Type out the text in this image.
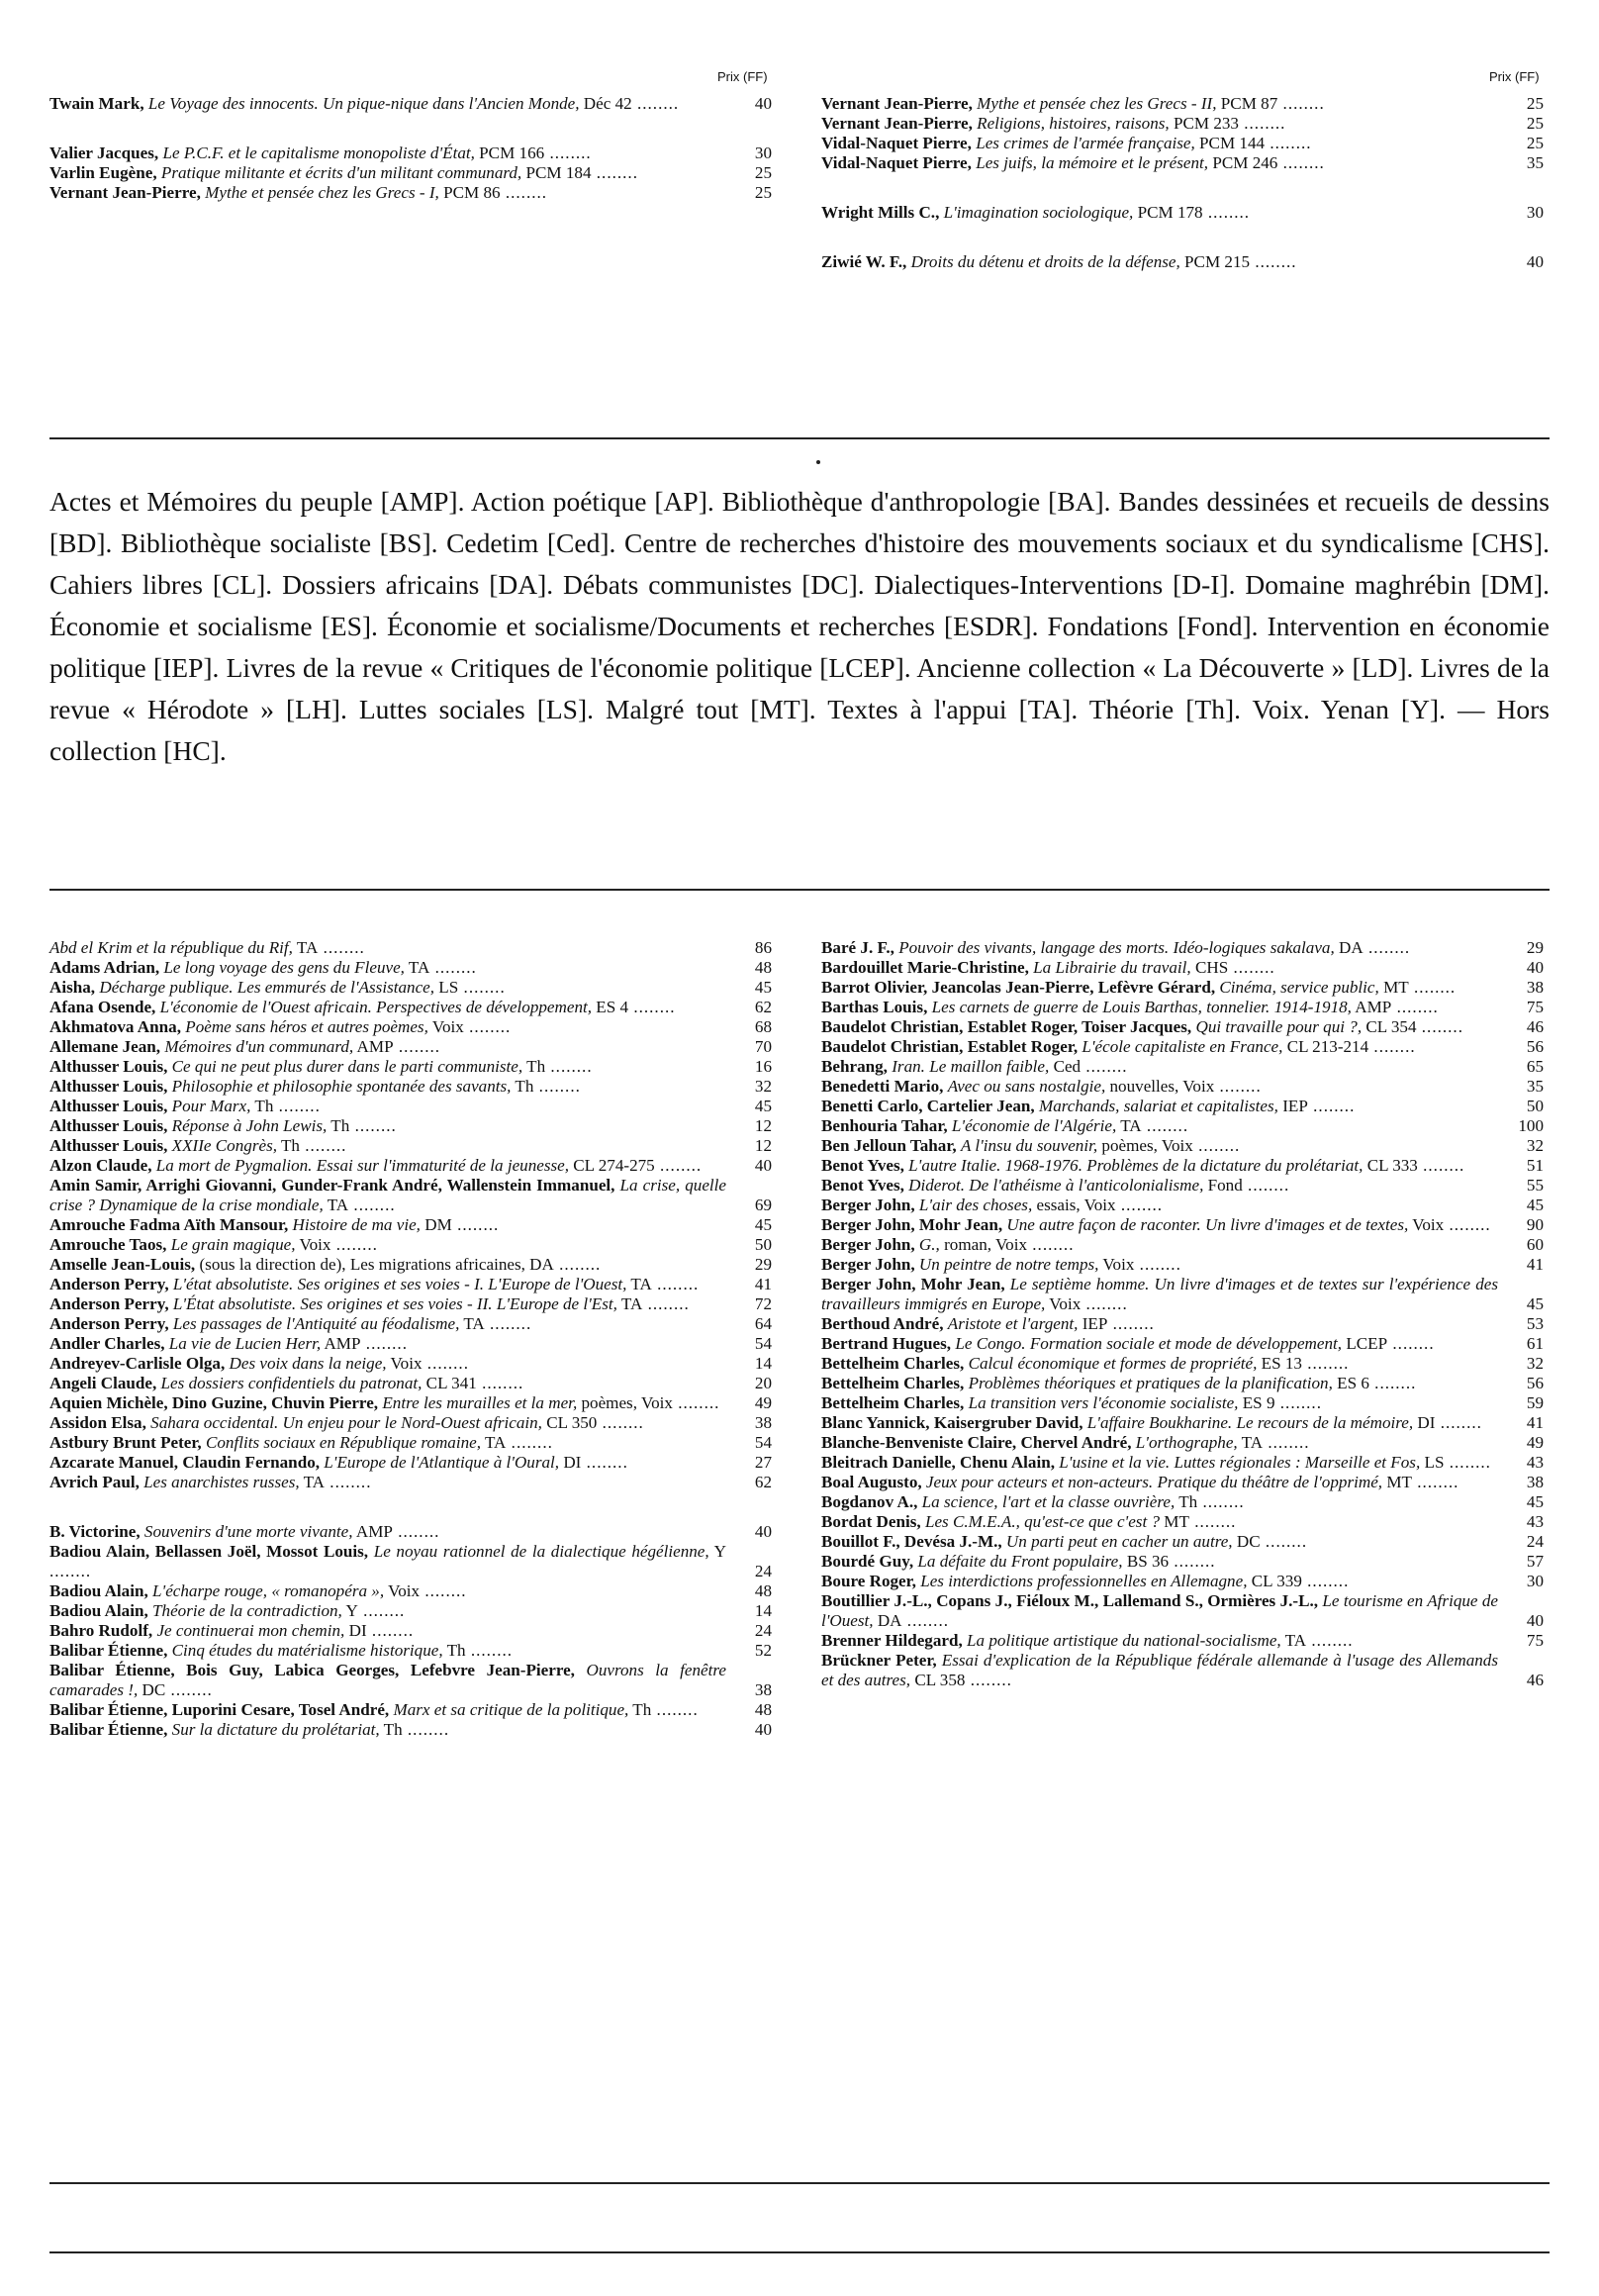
Prix (FF)	Prix (FF)
Twain Mark, Le Voyage des innocents. Un pique-nique dans l'Ancien Monde, Déc 42 ........	40
Valier Jacques, Le P.C.F. et le capitalisme monopoliste d'État, PCM 166 ........	30
Varlin Eugène, Pratique militante et écrits d'un militant communard, PCM 184 ........	25
Vernant Jean-Pierre, Mythe et pensée chez les Grecs - I, PCM 86 ........	25
Vernant Jean-Pierre, Mythe et pensée chez les Grecs - II, PCM 87 ........	25
Vernant Jean-Pierre, Religions, histoires, raisons, PCM 233 ........	25
Vidal-Naquet Pierre, Les crimes de l'armée française, PCM 144 ........	25
Vidal-Naquet Pierre, Les juifs, la mémoire et le présent, PCM 246 ........	35
Wright Mills C., L'imagination sociologique, PCM 178 ........	30
Ziwié W. F., Droits du détenu et droits de la défense, PCM 215 ........	40
Actes et Mémoires du peuple [AMP]. Action poétique [AP]. Bibliothèque d'anthropologie [BA]. Bandes dessinées et recueils de dessins [BD]. Bibliothèque socialiste [BS]. Cedetim [Ced]. Centre de recherches d'histoire des mouvements sociaux et du syndicalisme [CHS]. Cahiers libres [CL]. Dossiers africains [DA]. Débats communistes [DC]. Dialectiques-Interventions [D-I]. Domaine maghrébin [DM]. Économie et socialisme [ES]. Économie et socialisme/Documents et recherches [ESDR]. Fondations [Fond]. Intervention en économie politique [IEP]. Livres de la revue « Critiques de l'économie politique [LCEP]. Ancienne collection « La Découverte » [LD]. Livres de la revue « Hérodote » [LH]. Luttes sociales [LS]. Malgré tout [MT]. Textes à l'appui [TA]. Théorie [Th]. Voix. Yenan [Y]. — Hors collection [HC].
Abd el Krim et la république du Rif, TA ........	86
Adams Adrian, Le long voyage des gens du Fleuve, TA ........	48
Aisha, Décharge publique. Les emmurés de l'Assistance, LS ........	45
Afana Osende, L'économie de l'Ouest africain. Perspectives de développement, ES 4 ........	62
Akhmatova Anna, Poème sans héros et autres poèmes, Voix ........	68
Allemane Jean, Mémoires d'un communard, AMP ........	70
Althusser Louis, Ce qui ne peut plus durer dans le parti communiste, Th ........	16
Althusser Louis, Philosophie et philosophie spontanée des savants, Th ........	32
Althusser Louis, Pour Marx, Th ........	45
Althusser Louis, Réponse à John Lewis, Th ........	12
Althusser Louis, XXIIe Congrès, Th ........	12
Alzon Claude, La mort de Pygmalion. Essai sur l'immaturité de la jeunesse, CL 274-275 ........	40
Amin Samir, Arrighi Giovanni, Gunder-Frank André, Wallenstein Immanuel, La crise, quelle crise ? Dynamique de la crise mondiale, TA ........	69
Amrouche Fadma Aïth Mansour, Histoire de ma vie, DM ........	45
Amrouche Taos, Le grain magique, Voix ........	50
Amselle Jean-Louis, (sous la direction de), Les migrations africaines, DA ........	29
Anderson Perry, L'état absolutiste. Ses origines et ses voies - I. L'Europe de l'Ouest, TA ........	41
Anderson Perry, L'État absolutiste. Ses origines et ses voies - II. L'Europe de l'Est, TA ........	72
Anderson Perry, Les passages de l'Antiquité au féodalisme, TA ........	64
Andler Charles, La vie de Lucien Herr, AMP ........	54
Andreyev-Carlisle Olga, Des voix dans la neige, Voix ........	14
Angeli Claude, Les dossiers confidentiels du patronat, CL 341 ........	20
Aquien Michèle, Dino Guzine, Chuvin Pierre, Entre les murailles et la mer, poèmes, Voix ........	49
Assidon Elsa, Sahara occidental. Un enjeu pour le Nord-Ouest africain, CL 350 ........	38
Astbury Brunt Peter, Conflits sociaux en République romaine, TA ........	54
Azcarate Manuel, Claudin Fernando, L'Europe de l'Atlantique à l'Oural, DI ........	27
Avrich Paul, Les anarchistes russes, TA ........	62
B. Victorine, Souvenirs d'une morte vivante, AMP ........	40
Badiou Alain, Bellassen Joël, Mossot Louis, Le noyau rationnel de la dialectique hégélienne, Y ........	24
Badiou Alain, L'écharpe rouge, « romanopéra », Voix ........	48
Badiou Alain, Théorie de la contradiction, Y ........	14
Bahro Rudolf, Je continuerai mon chemin, DI ........	24
Balibar Étienne, Cinq études du matérialisme historique, Th ........	52
Balibar Étienne, Bois Guy, Labica Georges, Lefebvre Jean-Pierre, Ouvrons la fenêtre camarades !, DC ........	38
Balibar Étienne, Luporini Cesare, Tosel André, Marx et sa critique de la politique, Th ........	48
Balibar Étienne, Sur la dictature du prolétariat, Th ........	40
Baré J. F., Pouvoir des vivants, langage des morts. Idéo-logiques sakalava, DA ........	29
Bardouillet Marie-Christine, La Librairie du travail, CHS ........	40
Barrot Olivier, Jeancolas Jean-Pierre, Lefèvre Gérard, Cinéma, service public, MT ........	38
Barthas Louis, Les carnets de guerre de Louis Barthas, tonnelier. 1914-1918, AMP ........	75
Baudelot Christian, Establet Roger, Toiser Jacques, Qui travaille pour qui ?, CL 354 ........	46
Baudelot Christian, Establet Roger, L'école capitaliste en France, CL 213-214 ........	56
Behrang, Iran. Le maillon faible, Ced ........	65
Benedetti Mario, Avec ou sans nostalgie, nouvelles, Voix ........	35
Benetti Carlo, Cartelier Jean, Marchands, salariat et capitalistes, IEP ........	50
Benhouria Tahar, L'économie de l'Algérie, TA ........	100
Ben Jelloun Tahar, A l'insu du souvenir, poèmes, Voix ........	32
Benot Yves, L'autre Italie. 1968-1976. Problèmes de la dictature du prolétariat, CL 333 ........	51
Benot Yves, Diderot. De l'athéisme à l'anticolonialisme, Fond ........	55
Berger John, L'air des choses, essais, Voix ........	45
Berger John, Mohr Jean, Une autre façon de raconter. Un livre d'images et de textes, Voix ........	90
Berger John, G., roman, Voix ........	60
Berger John, Un peintre de notre temps, Voix ........	41
Berger John, Mohr Jean, Le septième homme. Un livre d'images et de textes sur l'expérience des travailleurs immigrés en Europe, Voix ........	45
Berthoud André, Aristote et l'argent, IEP ........	53
Bertrand Hugues, Le Congo. Formation sociale et mode de développement, LCEP ........	61
Bettelheim Charles, Calcul économique et formes de propriété, ES 13 ........	32
Bettelheim Charles, Problèmes théoriques et pratiques de la planification, ES 6 ........	56
Bettelheim Charles, La transition vers l'économie socialiste, ES 9 ........	59
Blanc Yannick, Kaisergruber David, L'affaire Boukharine. Le recours de la mémoire, DI ........	41
Blanche-Benveniste Claire, Chervel André, L'orthographe, TA ........	49
Bleitrach Danielle, Chenu Alain, L'usine et la vie. Luttes régionales : Marseille et Fos, LS ........	43
Boal Augusto, Jeux pour acteurs et non-acteurs. Pratique du théâtre de l'opprimé, MT ........	38
Bogdanov A., La science, l'art et la classe ouvrière, Th ........	45
Bordat Denis, Les C.M.E.A., qu'est-ce que c'est ? MT ........	43
Bouillot F., Devésa J.-M., Un parti peut en cacher un autre, DC ........	24
Bourdé Guy, La défaite du Front populaire, BS 36 ........	57
Boure Roger, Les interdictions professionnelles en Allemagne, CL 339 ........	30
Boutillier J.-L., Copans J., Fiéloux M., Lallemand S., Ormières J.-L., Le tourisme en Afrique de l'Ouest, DA ........	40
Brenner Hildegard, La politique artistique du national-socialisme, TA ........	75
Brückner Peter, Essai d'explication de la République fédérale allemande à l'usage des Allemands et des autres, CL 358 ........	46
